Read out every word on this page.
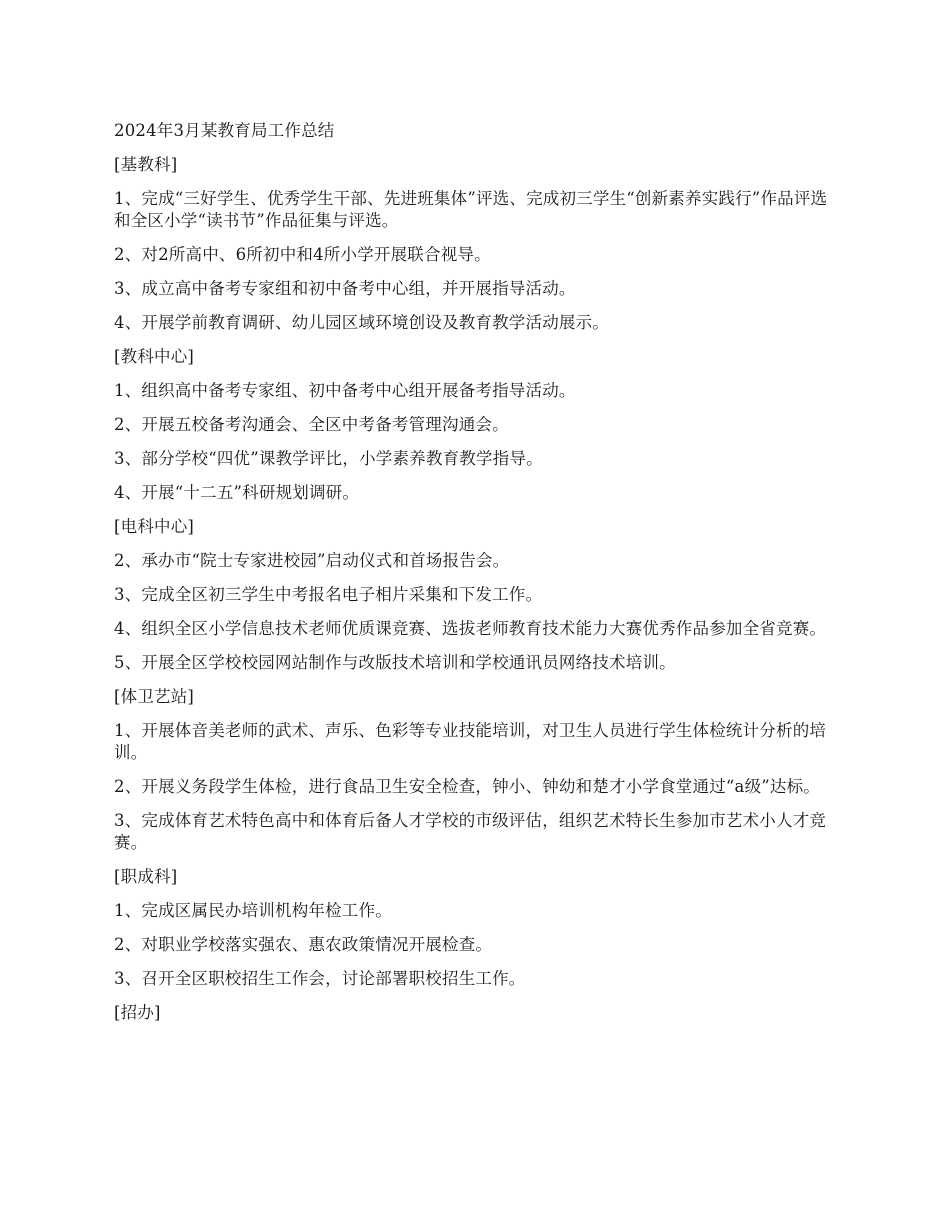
2024年3月某教育局工作总结

[基教科]

1、完成“三好学生、优秀学生干部、先进班集体”评选、完成初三学生“创新素养实践行”作品评选和全区小学“读书节”作品征集与评选。

2、对2所高中、6所初中和4所小学开展联合视导。

3、成立高中备考专家组和初中备考中心组，并开展指导活动。

4、开展学前教育调研、幼儿园区域环境创设及教育教学活动展示。

[教科中心]

1、组织高中备考专家组、初中备考中心组开展备考指导活动。

2、开展五校备考沟通会、全区中考备考管理沟通会。

3、部分学校“四优”课教学评比，小学素养教育教学指导。

4、开展“十二五”科研规划调研。

[电科中心]

2、承办市“院士专家进校园”启动仪式和首场报告会。

3、完成全区初三学生中考报名电子相片采集和下发工作。

4、组织全区小学信息技术老师优质课竞赛、选拔老师教育技术能力大赛优秀作品参加全省竞赛。

5、开展全区学校校园网站制作与改版技术培训和学校通讯员网络技术培训。

[体卫艺站]

1、开展体音美老师的武术、声乐、色彩等专业技能培训，对卫生人员进行学生体检统计分析的培训。

2、开展义务段学生体检，进行食品卫生安全检查，钟小、钟幼和楚才小学食堂通过“a级”达标。

3、完成体育艺术特色高中和体育后备人才学校的市级评估，组织艺术特长生参加市艺术小人才竞赛。

[职成科]

1、完成区属民办培训机构年检工作。

2、对职业学校落实强农、惠农政策情况开展检查。

3、召开全区职校招生工作会，讨论部署职校招生工作。

[招办]
